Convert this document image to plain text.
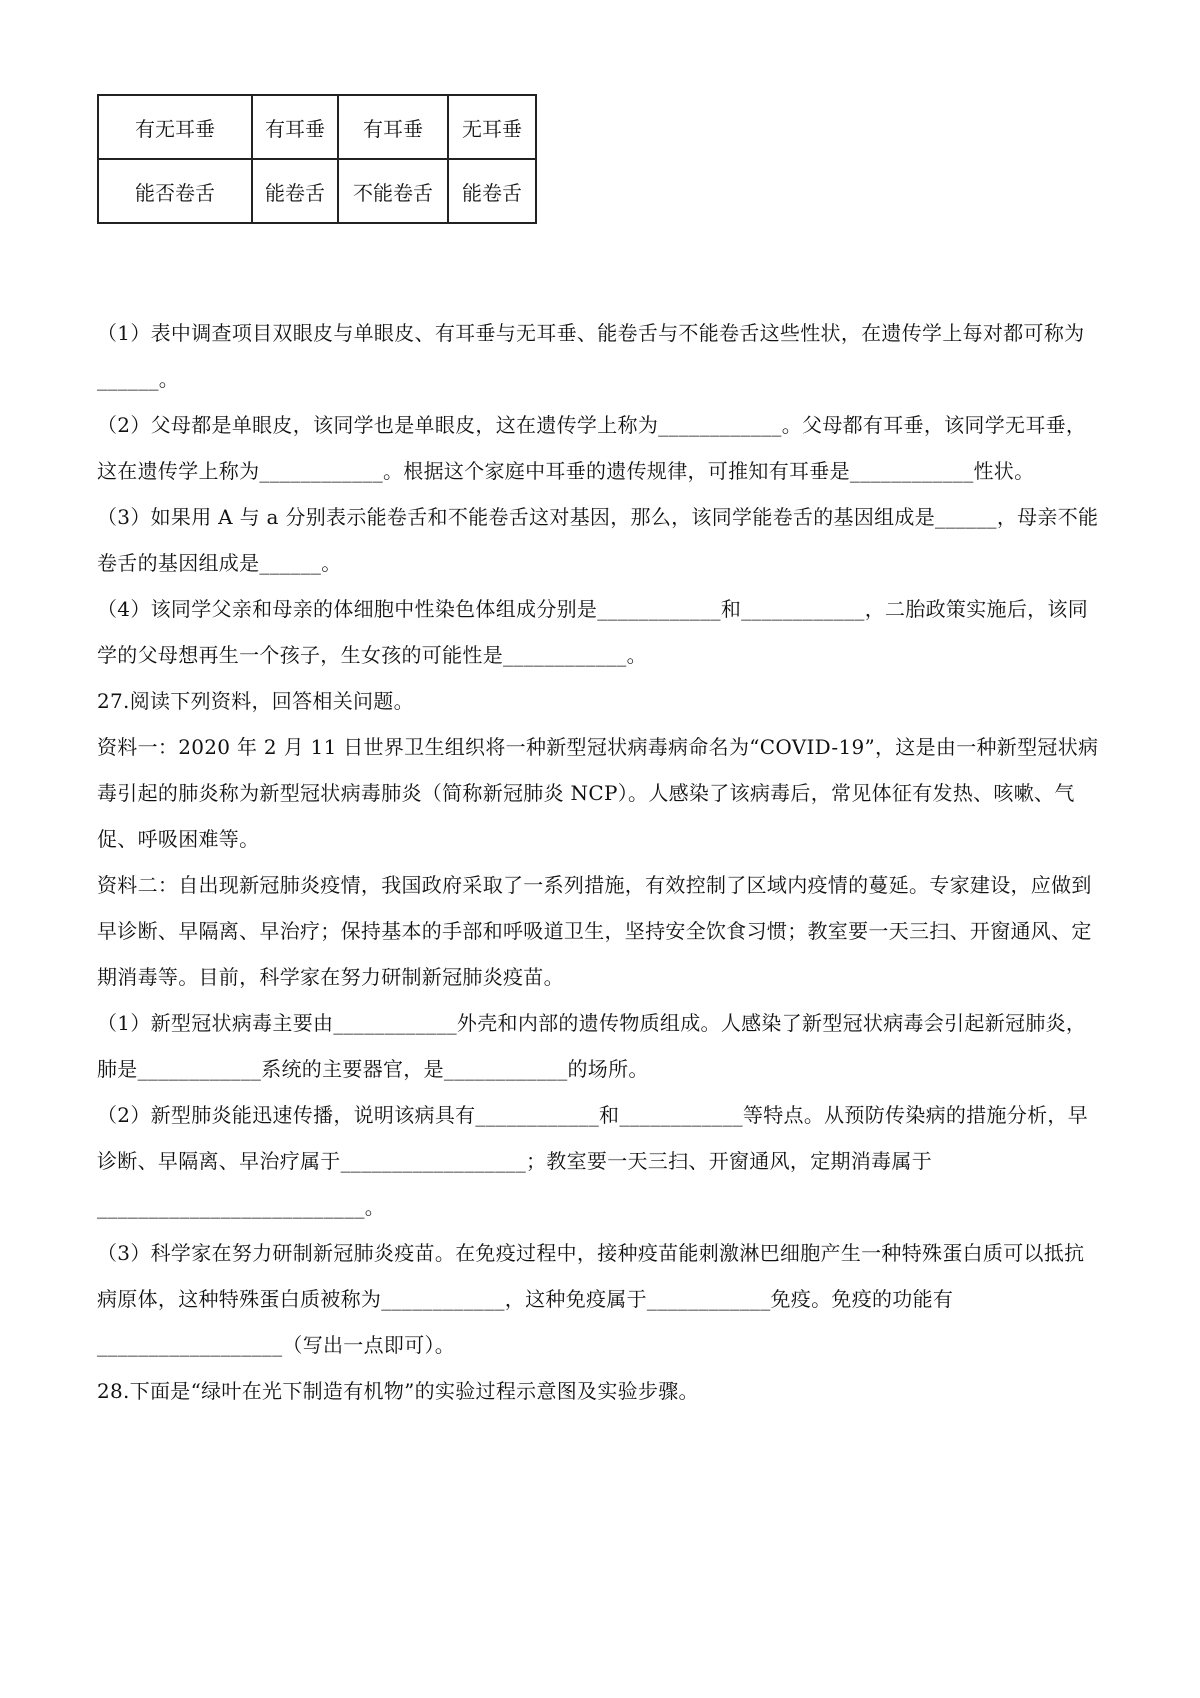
有无耳垂	有耳垂	有耳垂	无耳垂
能否卷舌	能卷舌	不能卷舌	能卷舌

（1）表中调查项目双眼皮与单眼皮、有耳垂与无耳垂、能卷舌与不能卷舌这些性状，在遗传学上每对都可称为______。

（2）父母都是单眼皮，该同学也是单眼皮，这在遗传学上称为____________。父母都有耳垂，该同学无耳垂，这在遗传学上称为____________。根据这个家庭中耳垂的遗传规律，可推知有耳垂是____________性状。

（3）如果用 A 与 a 分别表示能卷舌和不能卷舌这对基因，那么，该同学能卷舌的基因组成是______，母亲不能卷舌的基因组成是______。

（4）该同学父亲和母亲的体细胞中性染色体组成分别是____________和____________，二胎政策实施后，该同学的父母想再生一个孩子，生女孩的可能性是____________。

27.阅读下列资料，回答相关问题。

资料一：2020 年 2 月 11 日世界卫生组织将一种新型冠状病毒病命名为“COVID-19”，这是由一种新型冠状病毒引起的肺炎称为新型冠状病毒肺炎（简称新冠肺炎 NCP）。人感染了该病毒后，常见体征有发热、咳嗽、气促、呼吸困难等。

资料二：自出现新冠肺炎疫情，我国政府采取了一系列措施，有效控制了区域内疫情的蔓延。专家建设，应做到早诊断、早隔离、早治疗；保持基本的手部和呼吸道卫生，坚持安全饮食习惯；教室要一天三扫、开窗通风、定期消毒等。目前，科学家在努力研制新冠肺炎疫苗。

（1）新型冠状病毒主要由____________外壳和内部的遗传物质组成。人感染了新型冠状病毒会引起新冠肺炎，肺是____________系统的主要器官，是____________的场所。

（2）新型肺炎能迅速传播，说明该病具有____________和____________等特点。从预防传染病的措施分析，早诊断、早隔离、早治疗属于__________________；教室要一天三扫、开窗通风，定期消毒属于__________________________。

（3）科学家在努力研制新冠肺炎疫苗。在免疫过程中，接种疫苗能刺激淋巴细胞产生一种特殊蛋白质可以抵抗病原体，这种特殊蛋白质被称为____________，这种免疫属于____________免疫。免疫的功能有__________________（写出一点即可）。

28.下面是“绿叶在光下制造有机物”的实验过程示意图及实验步骤。
